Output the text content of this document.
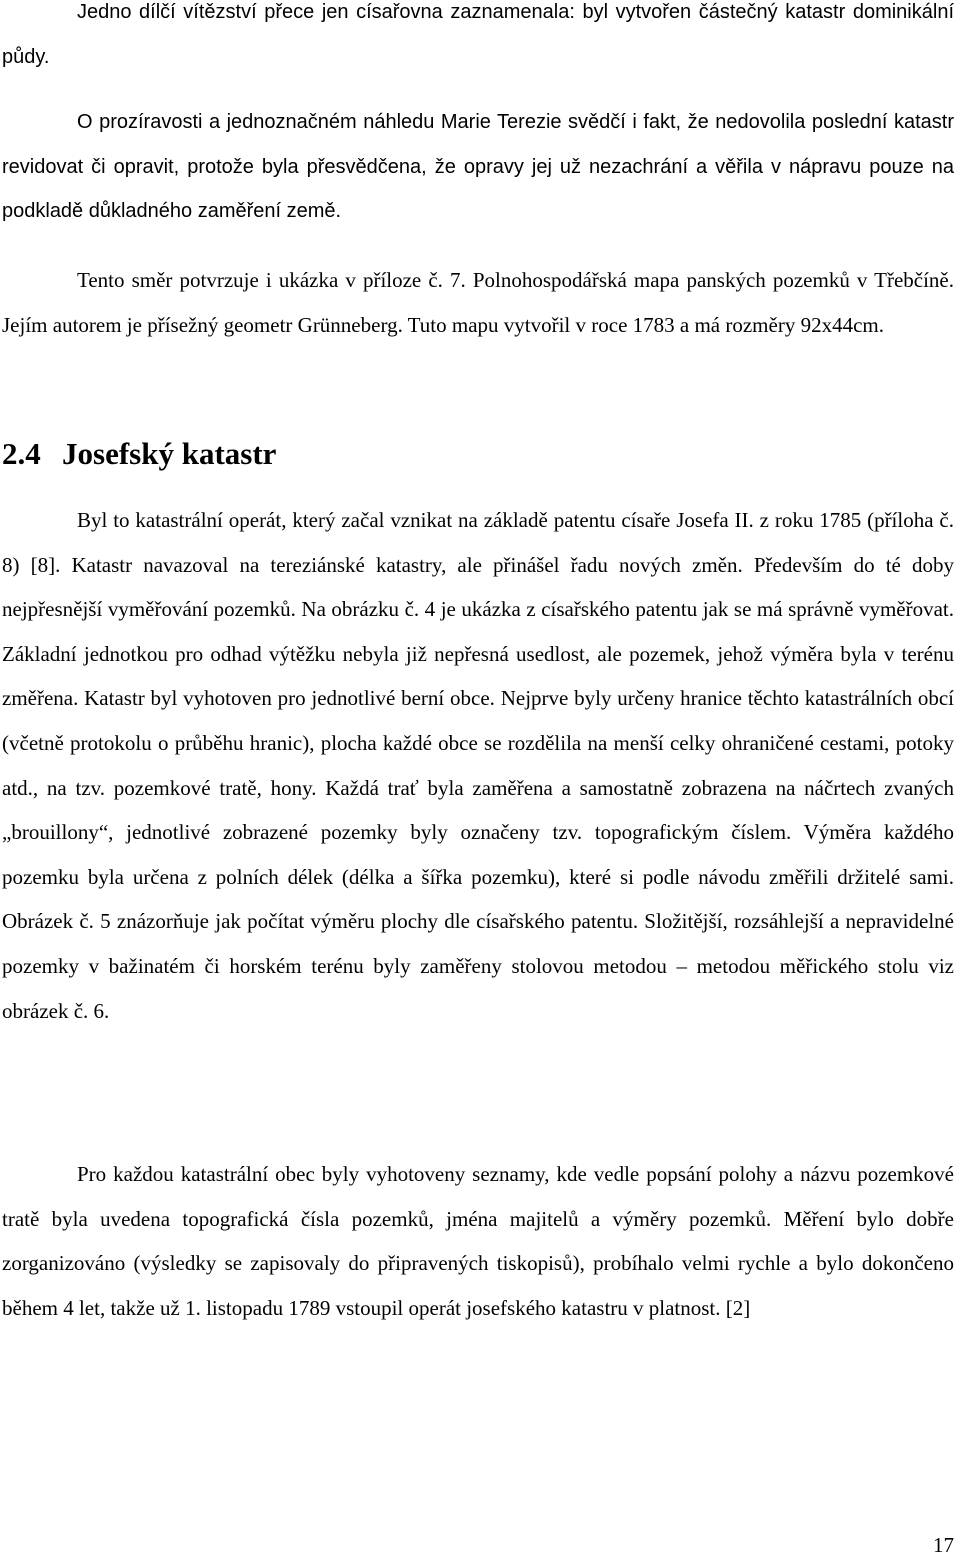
Jedno dílčí vítězství přece jen císařovna zaznamenala: byl vytvořen částečný katastr dominikální půdy.

O prozíravosti a jednoznačném náhledu Marie Terezie svědčí i fakt, že nedovolila poslední katastr revidovat či opravit, protože byla přesvědčena, že opravy jej už nezachrání a věřila v nápravu pouze na podkladě důkladného zaměření země.

Tento směr potvrzuje i ukázka v příloze č. 7. Polnohospodářská mapa panských pozemků v Třebčíně. Jejím autorem je přísežný geometr Grünneberg. Tuto mapu vytvořil v roce 1783 a má rozměry 92x44cm.

2.4 Josefský katastr

Byl to katastrální operát, který začal vznikat na základě patentu císaře Josefa II. z roku 1785 (příloha č. 8) [8]. Katastr navazoval na tereziánské katastry, ale přinášel řadu nových změn. Především do té doby nejpřesnější vyměřování pozemků. Na obrázku č. 4 je ukázka z císařského patentu jak se má správně vyměřovat. Základní jednotkou pro odhad výtěžku nebyla již nepřesná usedlost, ale pozemek, jehož výměra byla v terénu změřena. Katastr byl vyhotoven pro jednotlivé berní obce. Nejprve byly určeny hranice těchto katastrálních obcí (včetně protokolu o průběhu hranic), plocha každé obce se rozdělila na menší celky ohraničené cestami, potoky atd., na tzv. pozemkové tratě, hony. Každá trať byla zaměřena a samostatně zobrazena na náčrtech zvaných „brouillony“, jednotlivé zobrazené pozemky byly označeny tzv. topografickým číslem. Výměra každého pozemku byla určena z polních délek (délka a šířka pozemku), které si podle návodu změřili držitelé sami. Obrázek č. 5 znázorňuje jak počítat výměru plochy dle císařského patentu. Složitější, rozsáhlejší a nepravidelné pozemky v bažinatém či horském terénu byly zaměřeny stolovou metodou – metodou měřického stolu viz obrázek č. 6.

Pro každou katastrální obec byly vyhotoveny seznamy, kde vedle popsání polohy a názvu pozemkové tratě byla uvedena topografická čísla pozemků, jména majitelů a výměry pozemků. Měření bylo dobře zorganizováno (výsledky se zapisovaly do připravených tiskopisů), probíhalo velmi rychle a bylo dokončeno během 4 let, takže už 1. listopadu 1789 vstoupil operát josefského katastru v platnost. [2]

17
